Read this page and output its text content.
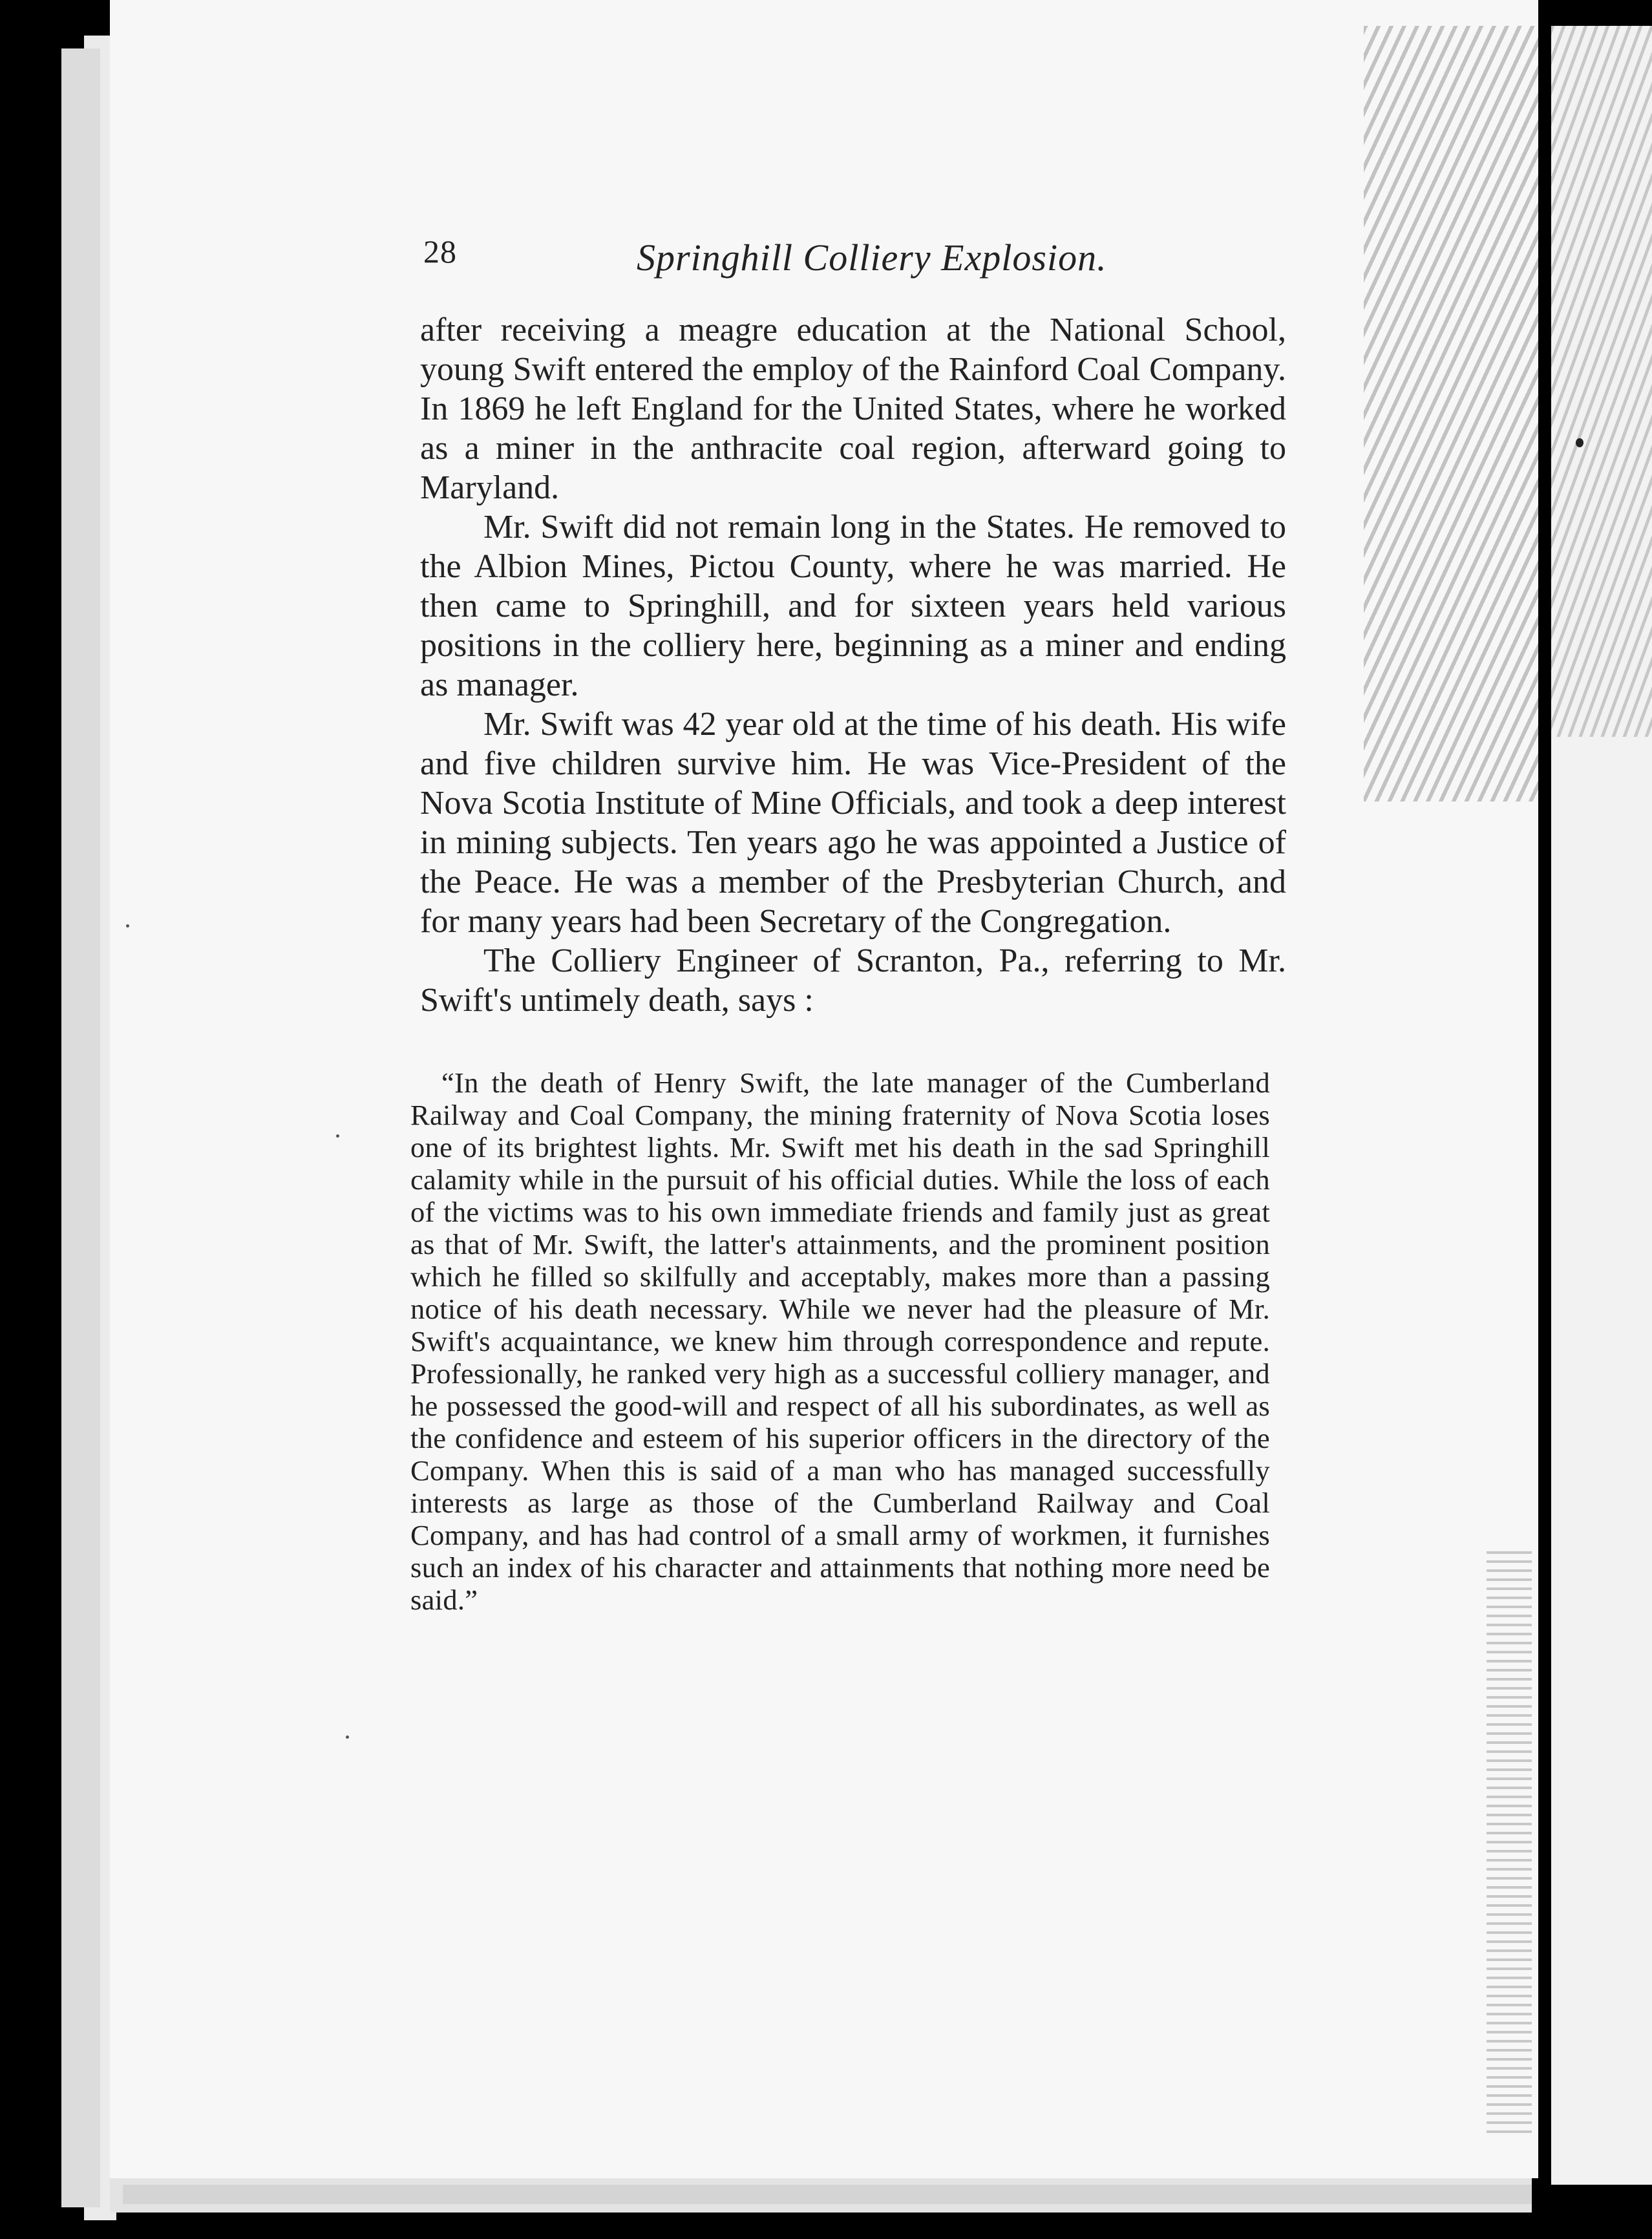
28	Springhill Colliery Explosion.

after receiving a meagre education at the National School, young Swift entered the employ of the Rainford Coal Company. In 1869 he left England for the United States, where he worked as a miner in the anthracite coal region, afterward going to Maryland.

Mr. Swift did not remain long in the States. He removed to the Albion Mines, Pictou County, where he was married. He then came to Springhill, and for sixteen years held various positions in the colliery here, beginning as a miner and ending as manager.

Mr. Swift was 42 year old at the time of his death. His wife and five children survive him. He was Vice-President of the Nova Scotia Institute of Mine Officials, and took a deep interest in mining subjects. Ten years ago he was appointed a Justice of the Peace. He was a member of the Presbyterian Church, and for many years had been Secretary of the Congregation.

The Colliery Engineer of Scranton, Pa., referring to Mr. Swift's untimely death, says :

“In the death of Henry Swift, the late manager of the Cumberland Railway and Coal Company, the mining fraternity of Nova Scotia loses one of its brightest lights. Mr. Swift met his death in the sad Springhill calamity while in the pursuit of his official duties. While the loss of each of the victims was to his own immediate friends and family just as great as that of Mr. Swift, the latter's attainments, and the prominent position which he filled so skilfully and acceptably, makes more than a passing notice of his death necessary. While we never had the pleasure of Mr. Swift's acquaintance, we knew him through correspondence and repute. Professionally, he ranked very high as a successful colliery manager, and he possessed the good-will and respect of all his subordinates, as well as the confidence and esteem of his superior officers in the directory of the Company. When this is said of a man who has managed successfully interests as large as those of the Cumberland Railway and Coal Company, and has had control of a small army of workmen, it furnishes such an index of his character and attainments that nothing more need be said.”
